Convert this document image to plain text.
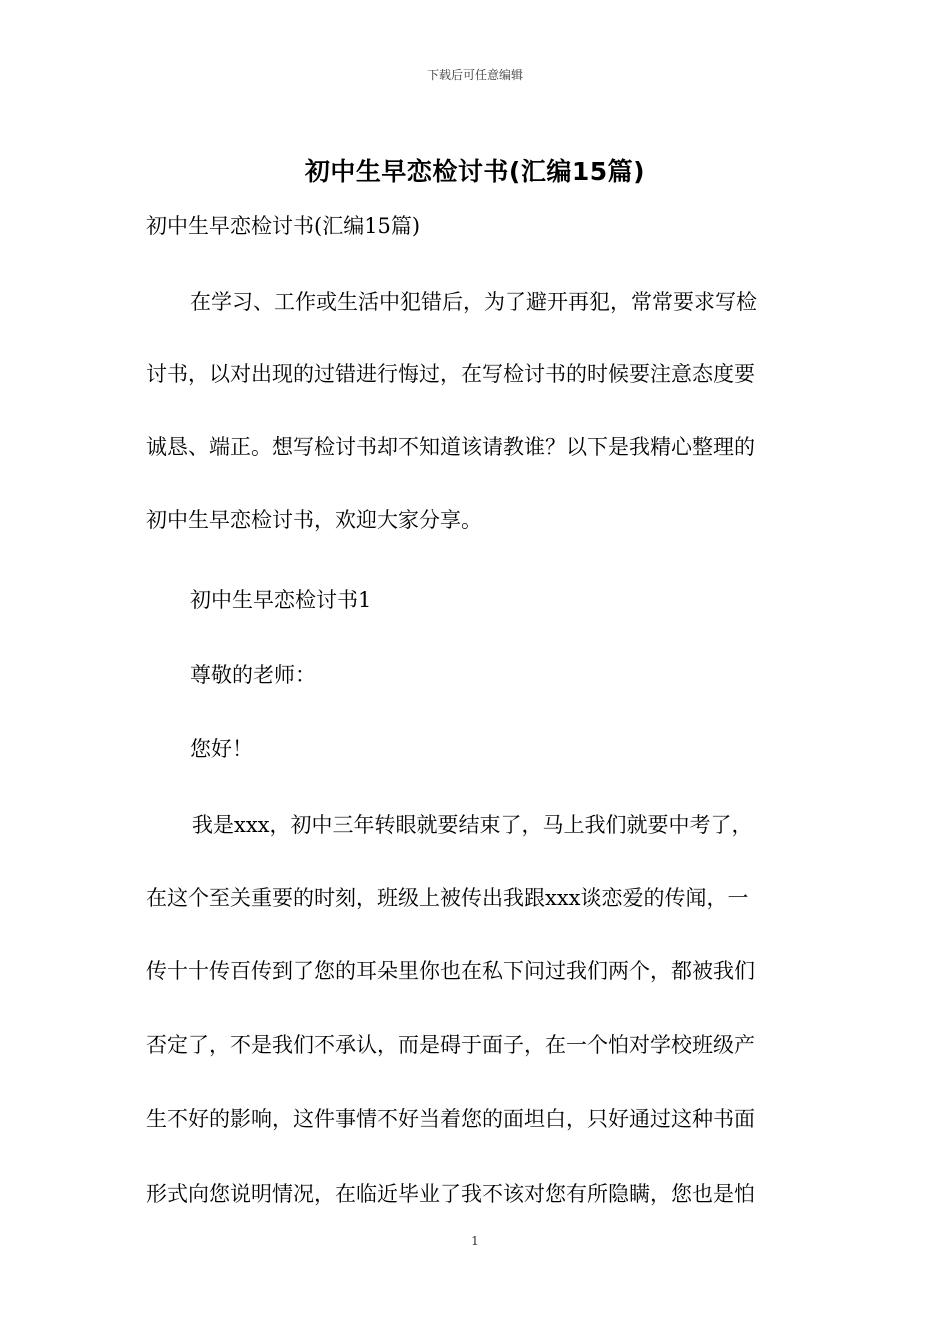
下载后可任意编辑
初中生早恋检讨书(汇编15篇)
初中生早恋检讨书(汇编15篇)
在学习、工作或生活中犯错后，为了避开再犯，常常要求写检
讨书，以对出现的过错进行悔过，在写检讨书的时候要注意态度要
诚恳、端正。想写检讨书却不知道该请教谁？以下是我精心整理的
初中生早恋检讨书，欢迎大家分享。
初中生早恋检讨书1
尊敬的老师：
您好！
我是xxx，初中三年转眼就要结束了，马上我们就要中考了，
在这个至关重要的时刻，班级上被传出我跟xxx谈恋爱的传闻，一
传十十传百传到了您的耳朵里你也在私下问过我们两个，都被我们
否定了，不是我们不承认，而是碍于面子，在一个怕对学校班级产
生不好的影响，这件事情不好当着您的面坦白，只好通过这种书面
形式向您说明情况，在临近毕业了我不该对您有所隐瞒，您也是怕
1
